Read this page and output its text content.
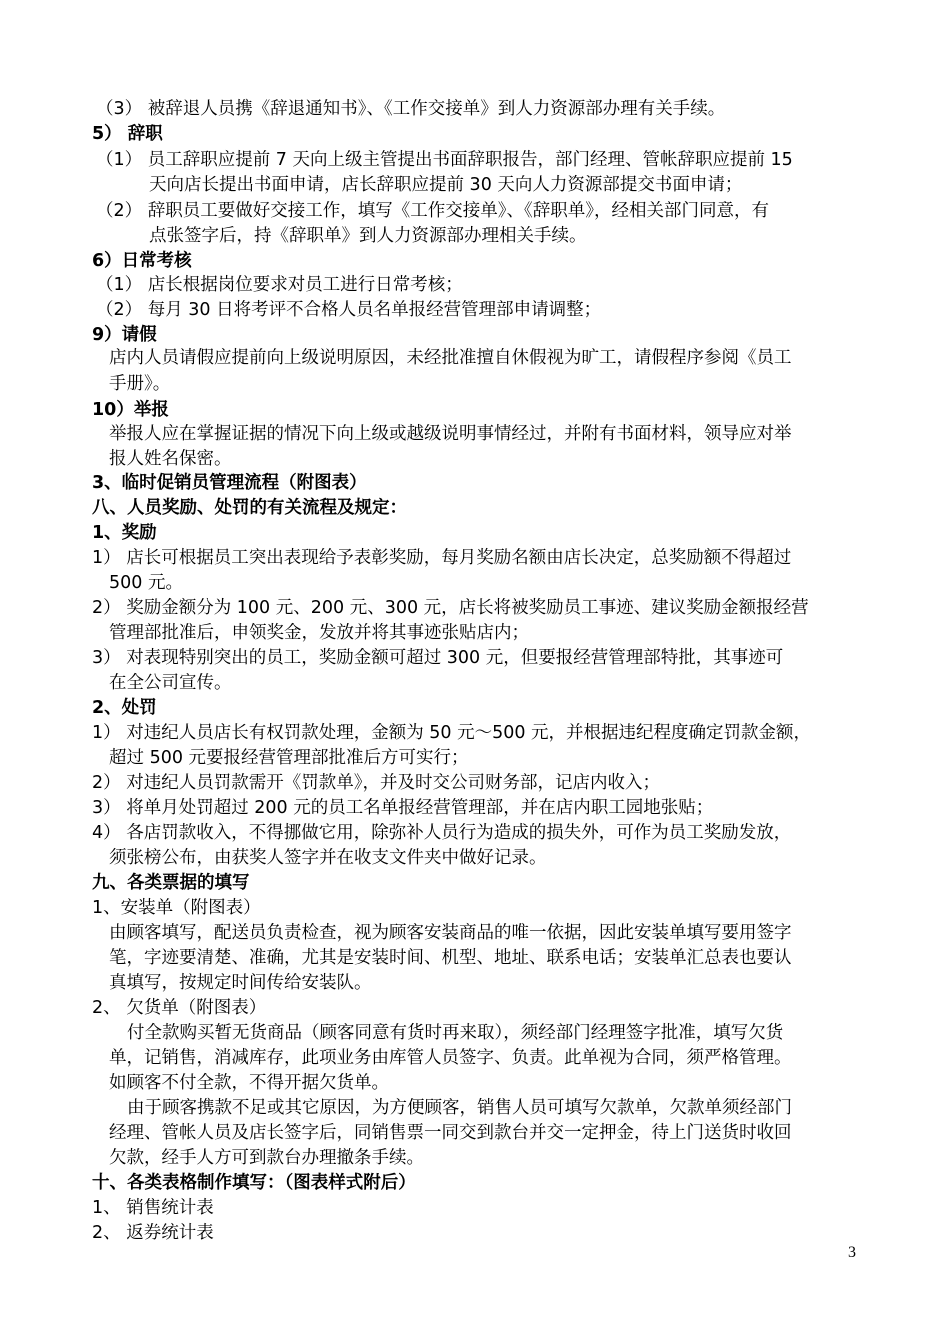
（3） 被辞退人员携《辞退通知书》、《工作交接单》到人力资源部办理有关手续。
5） 辞职
（1） 员工辞职应提前 7 天向上级主管提出书面辞职报告，部门经理、管帐辞职应提前 15
天向店长提出书面申请，店长辞职应提前 30 天向人力资源部提交书面申请；
（2） 辞职员工要做好交接工作，填写《工作交接单》、《辞职单》，经相关部门同意，有
点张签字后，持《辞职单》到人力资源部办理相关手续。
6）日常考核
（1） 店长根据岗位要求对员工进行日常考核；
（2） 每月 30 日将考评不合格人员名单报经营管理部申请调整；
9）请假
店内人员请假应提前向上级说明原因，未经批准擅自休假视为旷工，请假程序参阅《员工
手册》。
10）举报
举报人应在掌握证据的情况下向上级或越级说明事情经过，并附有书面材料，领导应对举
报人姓名保密。
3、临时促销员管理流程（附图表）
八、人员奖励、处罚的有关流程及规定：
1、奖励
1） 店长可根据员工突出表现给予表彰奖励，每月奖励名额由店长决定，总奖励额不得超过
500 元。
2） 奖励金额分为 100 元、200 元、300 元，店长将被奖励员工事迹、建议奖励金额报经营
管理部批准后，申领奖金，发放并将其事迹张贴店内；
3） 对表现特别突出的员工，奖励金额可超过 300 元，但要报经营管理部特批，其事迹可
在全公司宣传。
2、处罚
1） 对违纪人员店长有权罚款处理，金额为 50 元～500 元，并根据违纪程度确定罚款金额，
超过 500 元要报经营管理部批准后方可实行；
2） 对违纪人员罚款需开《罚款单》，并及时交公司财务部，记店内收入；
3） 将单月处罚超过 200 元的员工名单报经营管理部，并在店内职工园地张贴；
4） 各店罚款收入，不得挪做它用，除弥补人员行为造成的损失外，可作为员工奖励发放，
须张榜公布，由获奖人签字并在收支文件夹中做好记录。
九、各类票据的填写
1、安装单（附图表）
由顾客填写，配送员负责检查，视为顾客安装商品的唯一依据，因此安装单填写要用签字
笔，字迹要清楚、准确，尤其是安装时间、机型、地址、联系电话；安装单汇总表也要认
真填写，按规定时间传给安装队。
2、 欠货单（附图表）
付全款购买暂无货商品（顾客同意有货时再来取），须经部门经理签字批准，填写欠货
单，记销售，消减库存，此项业务由库管人员签字、负责。此单视为合同，须严格管理。
如顾客不付全款，不得开据欠货单。
由于顾客携款不足或其它原因，为方便顾客，销售人员可填写欠款单，欠款单须经部门
经理、管帐人员及店长签字后，同销售票一同交到款台并交一定押金，待上门送货时收回
欠款，经手人方可到款台办理撤条手续。
十、各类表格制作填写：（图表样式附后）
1、 销售统计表
2、 返券统计表
3
